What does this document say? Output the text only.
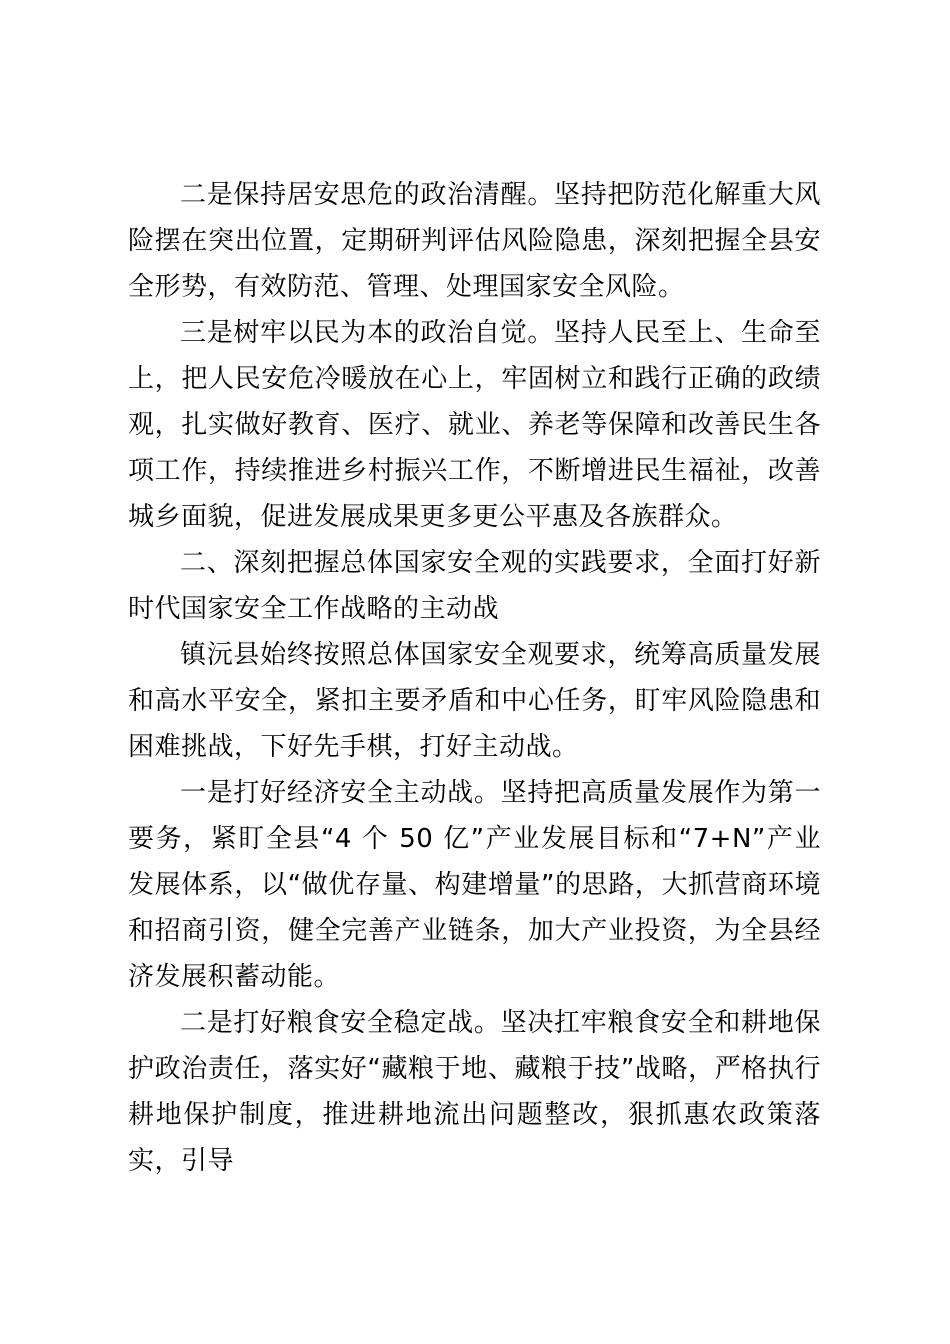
二是保持居安思危的政治清醒。坚持把防范化解重大风险摆在突出位置，定期研判评估风险隐患，深刻把握全县安全形势，有效防范、管理、处理国家安全风险。

三是树牢以民为本的政治自觉。坚持人民至上、生命至上，把人民安危冷暖放在心上，牢固树立和践行正确的政绩观，扎实做好教育、医疗、就业、养老等保障和改善民生各项工作，持续推进乡村振兴工作，不断增进民生福祉，改善城乡面貌，促进发展成果更多更公平惠及各族群众。

二、深刻把握总体国家安全观的实践要求，全面打好新时代国家安全工作战略的主动战

镇沅县始终按照总体国家安全观要求，统筹高质量发展和高水平安全，紧扣主要矛盾和中心任务，盯牢风险隐患和困难挑战，下好先手棋，打好主动战。

一是打好经济安全主动战。坚持把高质量发展作为第一要务，紧盯全县“4 个 50 亿”产业发展目标和“7+N”产业发展体系，以“做优存量、构建增量”的思路，大抓营商环境和招商引资，健全完善产业链条，加大产业投资，为全县经济发展积蓄动能。

二是打好粮食安全稳定战。坚决扛牢粮食安全和耕地保护政治责任，落实好“藏粮于地、藏粮于技”战略，严格执行耕地保护制度，推进耕地流出问题整改，狠抓惠农政策落实，引导
